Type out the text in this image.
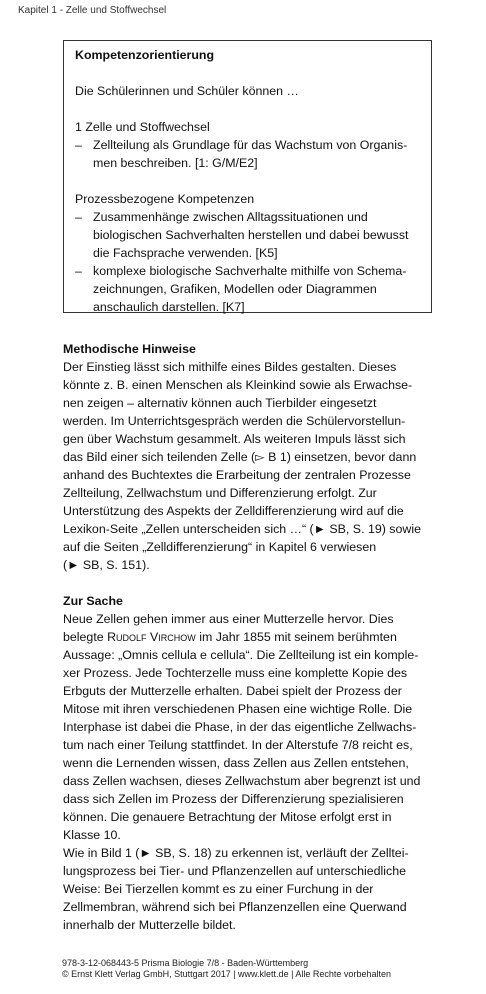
Kapitel 1 - Zelle und Stoffwechsel

Kompetenzorientierung

Die Schülerinnen und Schüler können …

1 Zelle und Stoffwechsel

– Zellteilung als Grundlage für das Wachstum von Organis-
men beschreiben. [1: G/M/E2]

Prozessbezogene Kompetenzen

– Zusammenhänge zwischen Alltagssituationen und
biologischen Sachverhalten herstellen und dabei bewusst
die Fachsprache verwenden. [K5]
– komplexe biologische Sachverhalte mithilfe von Schema-
zeichnungen, Grafiken, Modellen oder Diagrammen
anschaulich darstellen. [K7]

Methodische Hinweise

Der Einstieg lässt sich mithilfe eines Bildes gestalten. Dieses
könnte z. B. einen Menschen als Kleinkind sowie als Erwachse-
nen zeigen – alternativ können auch Tierbilder eingesetzt
werden. Im Unterrichtsgespräch werden die Schülervorstellun-
gen über Wachstum gesammelt. Als weiteren Impuls lässt sich
das Bild einer sich teilenden Zelle (▻ B 1) einsetzen, bevor dann
anhand des Buchtextes die Erarbeitung der zentralen Prozesse
Zellteilung, Zellwachstum und Differenzierung erfolgt. Zur
Unterstützung des Aspekts der Zelldifferenzierung wird auf die
Lexikon-Seite „Zellen unterscheiden sich …“ (► SB, S. 19) sowie
auf die Seiten „Zelldifferenzierung“ in Kapitel 6 verwiesen
(► SB, S. 151).

Zur Sache

Neue Zellen gehen immer aus einer Mutterzelle hervor. Dies
belegte Rudolf Virchow im Jahr 1855 mit seinem berühmten
Aussage: „Omnis cellula e cellula“. Die Zellteilung ist ein komple-
xer Prozess. Jede Tochterzelle muss eine komplette Kopie des
Erbguts der Mutterzelle erhalten. Dabei spielt der Prozess der
Mitose mit ihren verschiedenen Phasen eine wichtige Rolle. Die
Interphase ist dabei die Phase, in der das eigentliche Zellwachs-
tum nach einer Teilung stattfindet. In der Alterstufe 7/8 reicht es,
wenn die Lernenden wissen, dass Zellen aus Zellen entstehen,
dass Zellen wachsen, dieses Zellwachstum aber begrenzt ist und
dass sich Zellen im Prozess der Differenzierung spezialisieren
können. Die genauere Betrachtung der Mitose erfolgt erst in
Klasse 10.
Wie in Bild 1 (► SB, S. 18) zu erkennen ist, verläuft der Zelltei-
lungsprozess bei Tier- und Pflanzenzellen auf unterschiedliche
Weise: Bei Tierzellen kommt es zu einer Furchung in der
Zellmembran, während sich bei Pflanzenzellen eine Querwand
innerhalb der Mutterzelle bildet.
978-3-12-068443-5 Prisma Biologie 7/8 - Baden-Württemberg
© Ernst Klett Verlag GmbH, Stuttgart 2017 | www.klett.de | Alle Rechte vorbehalten
